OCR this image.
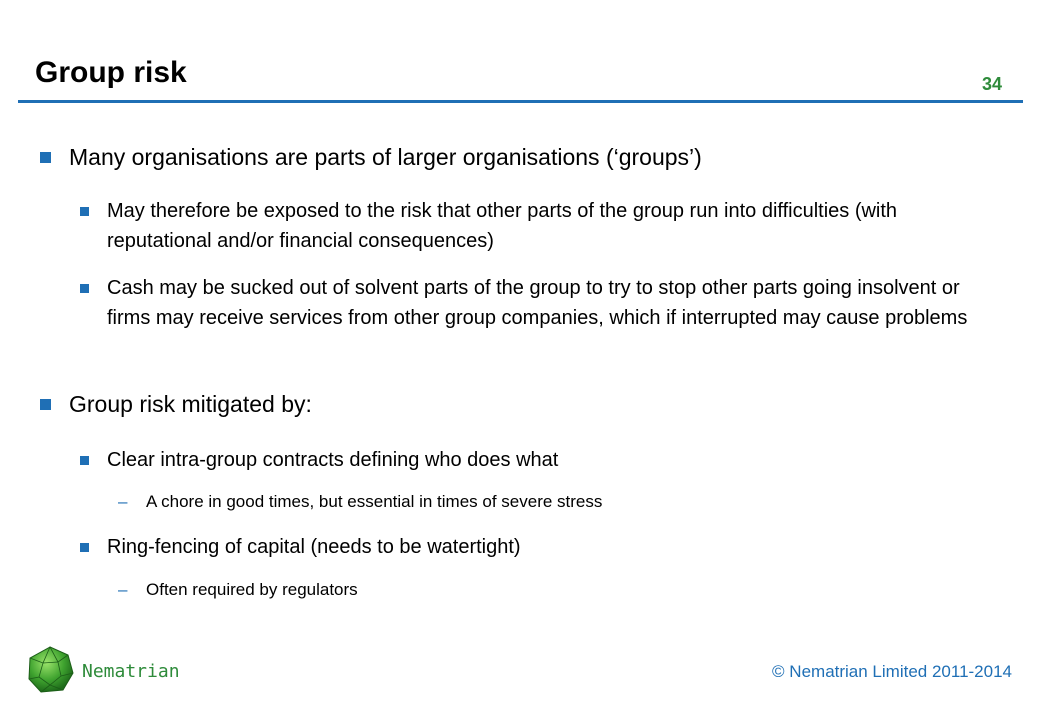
Group risk	34
Many organisations are parts of larger organisations (‘groups’)
May therefore be exposed to the risk that other parts of the group run into difficulties (with reputational and/or financial consequences)
Cash may be sucked out of solvent parts of the group to try to stop other parts going insolvent or firms may receive services from other group companies, which if interrupted may cause problems
Group risk mitigated by:
Clear intra-group contracts defining who does what
–	A chore in good times, but essential in times of severe stress
Ring-fencing of capital (needs to be watertight)
–	Often required by regulators
Nematrian	© Nematrian Limited 2011-2014
